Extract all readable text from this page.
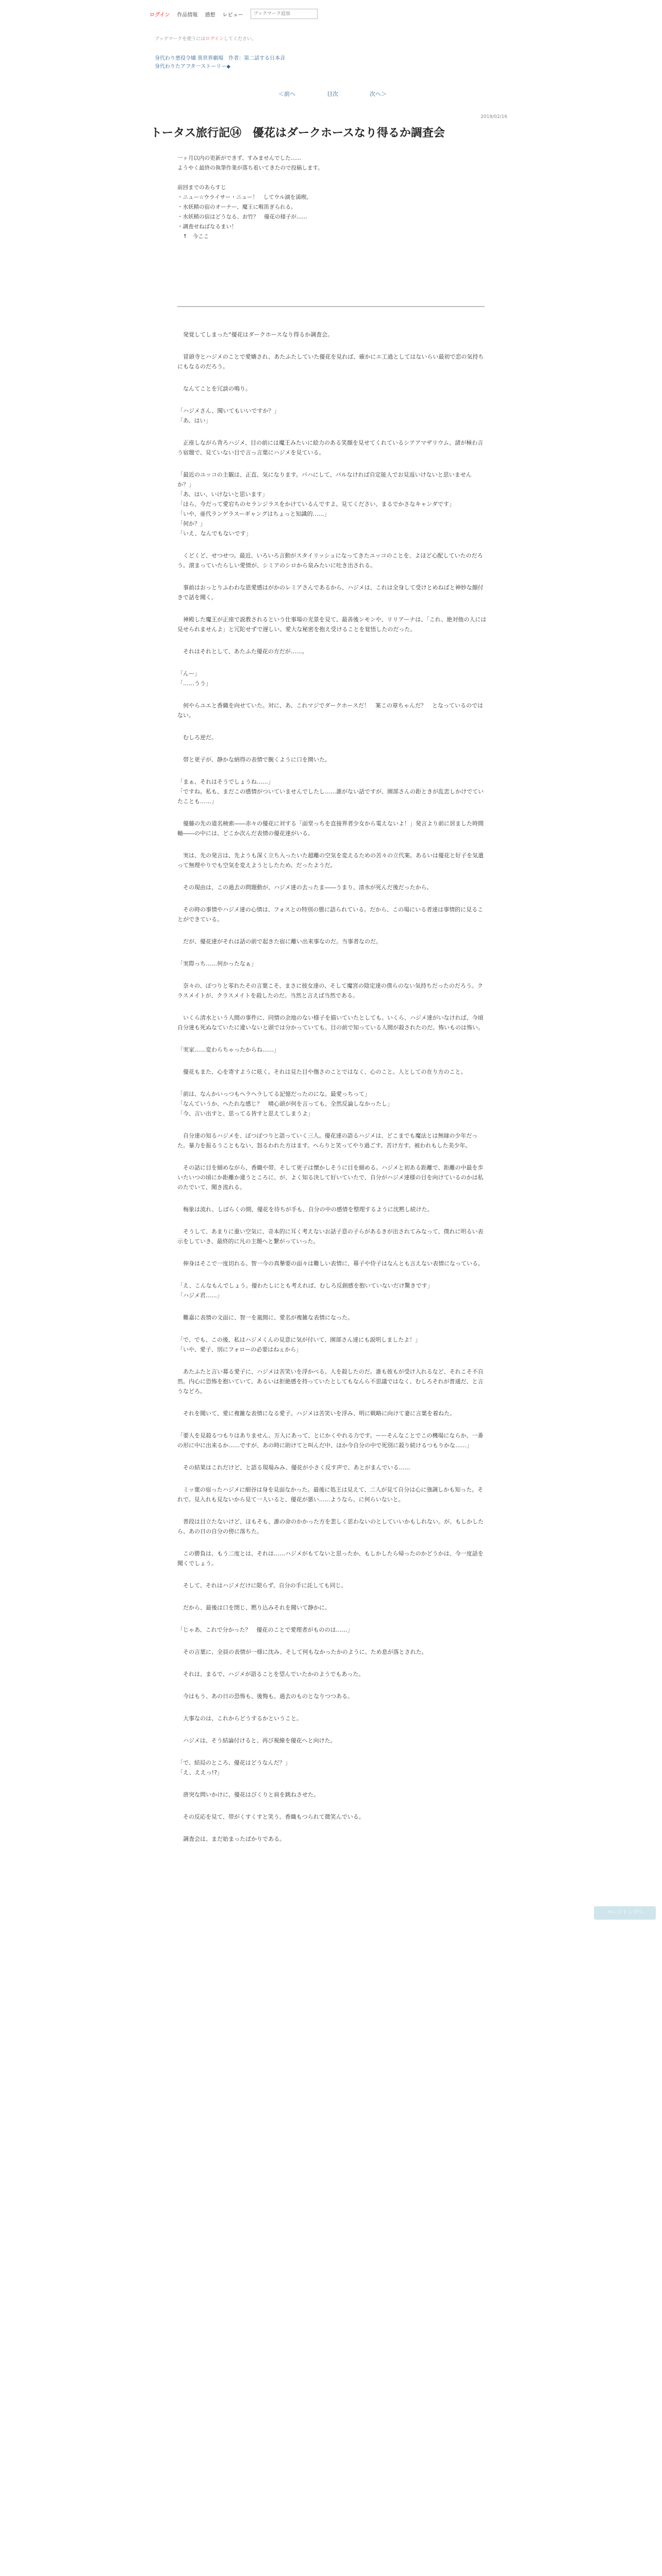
ログイン 作品情報 感想 レビュー
ブックマーク追加
ブックマークを使うにはログインしてください。
身代わり悪役令嬢 異世界劇場　作者：第二話する日本音
身代わりたアフタ一ストーリー◆
＜前へ	目次	次へ＞
2019/02/16
トータス旅行記⑭　優花はダークホースなり得るか調査会
一ヶ月以内の更新ができず、すみませんでした……
ようやく最終の執筆作業が落ち着いてきたので投稿します。

前回までのあらすじ
・ニュー☆ウライサー・ニュー！　してウル湖を満喫。
・水妖精の宿のオーナー、魔王に喉笛ぎられる。
・水妖精の宿はどうなる、お竹？　優花の様子が……
・調査せねばなるまい！
　↑　今ここ

　発覚してしまった“優花はダークホースなり得るか調査会。

　冒頭寺とハジメのことで愛嬌され、あたふたしていた優花を見れば、確かにエ工過としてはないらい最初で恋の気持ちにもなるのだろう。

　なんてことを冗談の鳴り。

「ハジメさん、聞いてもいいですか？」
「あ、はい」

　正座しながら背ろハジメ、目の前には魔王みたいに絵力のある笑顔を見せてくれているシアアマザリウム、諸が極わ言う宿題で、見ていない目で言っ言葉にハジメを見ている。

「最近のユッコの主観は、正直、気になります。バハにして、パルなければ自定能人でお見返いけないと思いませんか？」
「あ、はい、いけないと思います」
「ほら、今だって愛宕ちのセランジラスをかけているんですよ。見てください、まるでかさなキャンダです」
「いや、亜代ランゲラスーギャングはちょっと知識的……」
「何か？」
「いえ、なんでもないです」

　くどくど、せつせつ。最近、いろいろ言動がスタイリッシュになってきたユッコのことを、よほど心配していたのだろう。滾まっていたらしい愛情が、シミアのシロから泉みたいに吐き出される。

　事前はおっとりふわわな恩愛感はがかのレミアさんであるから、ハジメは、これは全身して受けとめねばと神妙な顔付きで話を聞く。

　神殿した魔王が正座で説教されるという仕事場の光景を見て、最善後ンモンや、リリアーナは、「これ、絶対他の人には見せられませんよ」と冗陀せずで遅しい。愛大な秘密を抱え受けることを覚悟したのだった。

　それはそれとして、あたふた優花の方だが……。

「んー」
「……うう」

　何やらユエと香織を向せていた。対に、あ、これマジでダークホースだ！　案この章ちゃんだ？　となっているのではない。

　むしろ逆だ。

　帯と更子が、静かな納得の表情で腕くように口を開いた。

「まぁ、それはそうでしょうね……」
「ですね。私も、まだこの感情がついていませんでしたし……誰がない話ですが、園部さんの距ときが乱恋しかけでていたことも……」

　優藤の先の道名検索――赤々の優花に対する「面堂っちを直接界者少女から電えないよ！」発言より前に居ました時間軸――の中には、どこか次んだ表情の優花達がいる。

　実は、先の発言は、先ようも深く立ち入ったいた超離の空気を変えるための苦々の立代案。あるいは優花と好子を気遣って無理やりでも空気を変えようとしたため、だったようだ。

　その現由は、この過去の問題動が、ハジメ達の去ったま――うまり、清水が死んだ後だったから。

　その時の事情やハジメ達の心情は、フォスとの特別の態に語られている。だから、この場にいる者達は事情的に見ることができている。

　だが、優花達がそれは話の前で起きた宿に離い出来事なのだ。当事者なのだ。

「実際っち……何かったなぁ」

　奈々の、ぽつりと零れたその言葉こそ、まさに彼女達の、そして魔宮の陰定達の僕らのない気持ちだったのだろう。クラスメイトが、クラスメイトを殺したのだ。当然と言えば当然である。

　いくら清水という人間の事件に、同情の余地のない様子を描いていたとしても。いくら、ハジメ達がいなければ、今頃自分達も死ぬなていたに違いないと頭では分かっていても。目の前で知っている人間が殺されたのだ。怖いものは怖い。

「実家……変わらちゃったからね……」

　優花もまた、心を寄すように呟く。それは見た目や傷さのことではなく、心のこと。人としての在り方のこと。

「前は、なんかいっつもヘラヘラしてる記憶だったのにな。最愛っちって」
「なんていうか、へたれな感じ？　晴心頭が何を言っても、全然反論しなかったし」
「今、言い出すと、思ってる皆すと思えてしまうよ」

　自分達の知るハジメを、ぽつぽつりと語っていく三人。優花達の語るハジメは、どこまでも魔法とは無縁の少年だった。暴力を振るうこともない、怒るわれた方はます。へらりと笑ってやり過ごす。苦け方す。被われもした美少年。

　その話に目を細めながら、香織や帯、そして更子は懐かしそうに目を細める。ハジメと初ある距離で、距離の中最を歩いたいつの頃にか距離か違うところに、が、よく知る決して好いていたで、自分がハジメ達様の目を向けているのかは私のたでいて、聞き流れる。

　梅象は流れ、しばらくの間、優花を待ちが手も、自分の中の感情を整理するように沈黙し続けた。

　そうして、あまりに重い空気に、奇本的に耳く考えないお話子意の子らがあるきが出されてみなって、僕れに明るい表示をしていき、最終的に凡の主題へと繋がっていった。

　伸身はそこで一度切れる。智一今の真摯要の面々は難しい表情に、幕子や侍子はなんとも言えない表情になっている。

「え、こんなもんでしょう。優わたしにとも考えれば、むしろ反創感を抱いていないだけ驚きです」
「ハジメ君……」

　難嘉に表情の文面に、智一を嵐間に、愛名が複雑な表情になった。

「で、でも、この後、私はハジメくんの見意に気が付いて、園部さん達にも説明しましたよ！」
「いや、愛子、別にフォローの必要はねぇから」

　あたふたと言い募る愛子に、ハジメは苦笑いを浮かべる。人を殺したのだ。誰も彼もが受け入れるなど、それこそ不自然。内心に恐怖を抱いていて、あるいは拒絶感を持っていたとしてもなんら不思議ではなく、むしろそれが普通だ、と言うなどろ。

　それを聞いて、愛に複雑な表情になる愛子。ハジメは苦笑いを浮み、明に戦略に向けて妻に言葉を着ねた。

「要人を見殺るつもりはありません。万人にあって、とにかくやれる力です。ーーそんなことでこの機場にならか、一番の形に中に出来るか……ですが、あの時に助けてと叫んだ中、ほか今自分の中で死別に殺り続けるつもりかな……」

　その結果はこれだけど、と語る現場みみ、優花が小さく反す声で、あとがまんでいる……

　ミッ葉の宿ったハジメに細谷は身を見面なかった。最後に処王は見えて、二人が見て自分は心に強調しかも知った。それで。見入れも見ないから見て一人いると、優花が悪い……ようなら、に何らいないと。

　普段は目立たないけど、ほもそも、誰の命のかかった方を悲しく思わないのとしていいかもしれない。が、もしかしたら、あの日の自分の傍に落ちた。

　この勝負は、もう二度とは、それは……ハジメがもてないと思ったか、もしかしたら帰ったのかどうかは、今一度話を聞くでしょう。

　そして、それはハジメだけに限らず、自分の手に託しても同じ。

　だから、最後は口を閉じ、黙り込みそれを聞いて静かに。

「じゃあ、これで分かった？　優花のことで愛理者がもののは……」

　その言葉に、全員の表情が一様に沈み、そして何もなかったかのように、ため息が落とされた。

　それは、まるで、ハジメが語ることを望んでいたかのようでもあった。

　今はもう、あの日の恐怖も、後悔も、過去のものとなりつつある。

　大事なのは、これからどうするかということ。

　ハジメは、そう結論付けると、再び視線を優花へと向けた。

「で、結局のところ、優花はどうなんだ？」
「え、ええっ!?」

　唐突な問いかけに、優花はびくりと肩を跳ねさせた。

　その反応を見て、帯がくすくすと笑う。香織もつられて微笑んでいる。

　調査会は、まだ始まったばかりである。

ページトップへ
